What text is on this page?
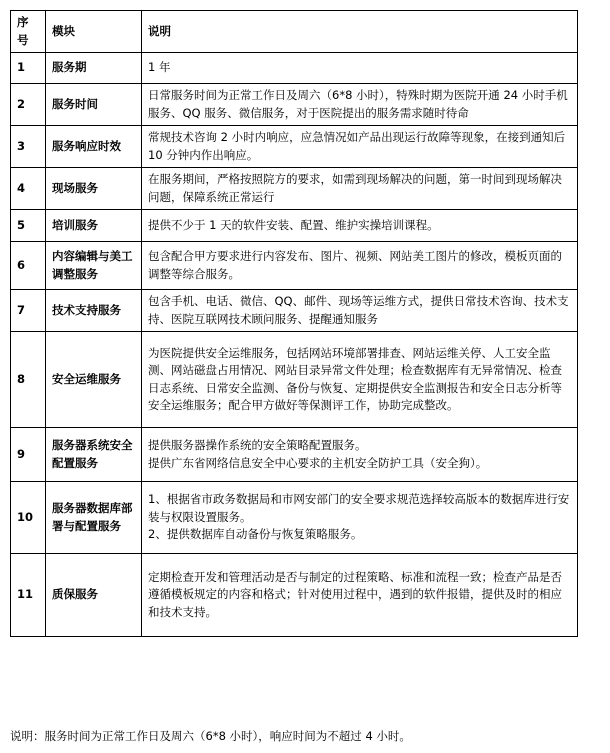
序号	模块	说明
1	服务期	1 年
2	服务时间	日常服务时间为正常工作日及周六（6*8 小时），特殊时期为医院开通 24 小时手机服务、QQ 服务、微信服务，对于医院提出的服务需求随时待命
3	服务响应时效	常规技术咨询 2 小时内响应，应急情况如产品出现运行故障等现象，在接到通知后 10 分钟内作出响应。
4	现场服务	在服务期间，严格按照院方的要求，如需到现场解决的问题，第一时间到现场解决问题，保障系统正常运行
5	培训服务	提供不少于 1 天的软件安装、配置、维护实操培训课程。
6	内容编辑与美工调整服务	包含配合甲方要求进行内容发布、图片、视频、网站美工图片的修改，模板页面的调整等综合服务。
7	技术支持服务	包含手机、电话、微信、QQ、邮件、现场等运维方式，提供日常技术咨询、技术支持、医院互联网技术顾问服务、提醒通知服务
8	安全运维服务	为医院提供安全运维服务，包括网站环境部署排查、网站运维关停、人工安全监测、网站磁盘占用情况、网站目录异常文件处理；检查数据库有无异常情况、检查日志系统、日常安全监测、备份与恢复、定期提供安全监测报告和安全日志分析等安全运维服务；配合甲方做好等保测评工作，协助完成整改。
9	服务器系统安全配置服务	提供服务器操作系统的安全策略配置服务。
提供广东省网络信息安全中心要求的主机安全防护工具（安全狗）。
10	服务器数据库部署与配置服务	1、根据省市政务数据局和市网安部门的安全要求规范选择较高版本的数据库进行安装与权限设置服务。
2、提供数据库自动备份与恢复策略服务。
11	质保服务	定期检查开发和管理活动是否与制定的过程策略、标准和流程一致；检查产品是否遵循模板规定的内容和格式；针对使用过程中，遇到的软件报错，提供及时的相应和技术支持。
说明：服务时间为正常工作日及周六（6*8 小时），响应时间为不超过 4 小时。
